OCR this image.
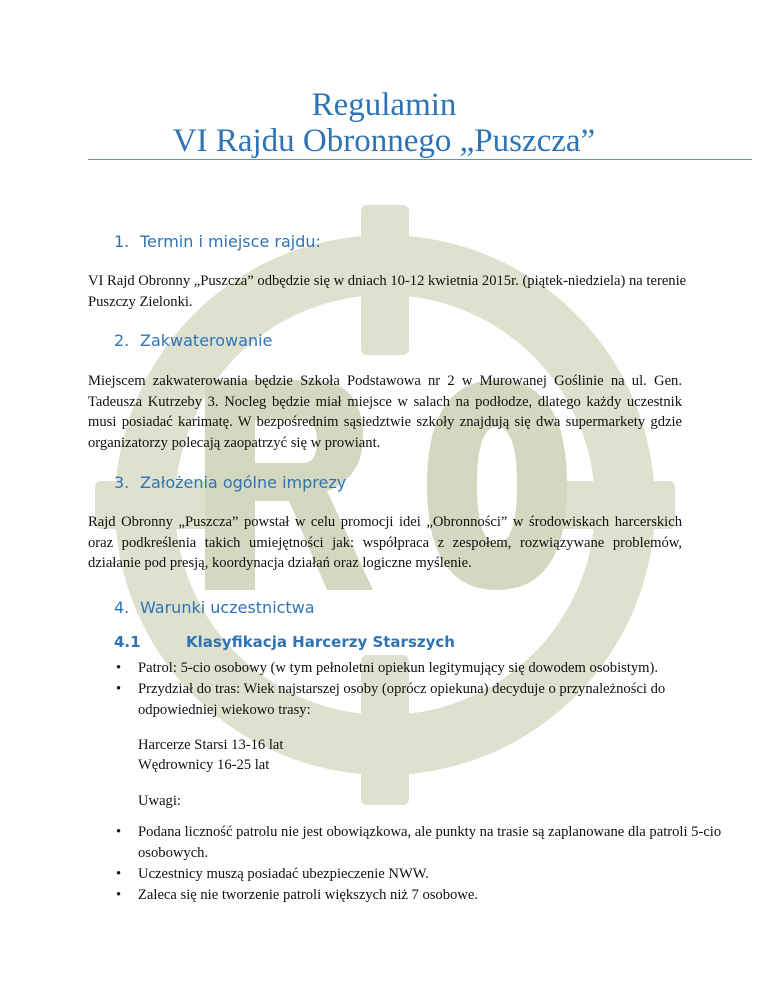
Regulamin
VI Rajdu Obronnego „Puszcza”
1. Termin i miejsce rajdu:
VI Rajd Obronny „Puszcza” odbędzie się w dniach 10-12 kwietnia 2015r. (piątek-niedziela) na terenie Puszczy Zielonki.
2. Zakwaterowanie
Miejscem zakwaterowania będzie Szkoła Podstawowa nr 2 w Murowanej Goślinie na ul. Gen. Tadeusza Kutrzeby 3. Nocleg będzie miał miejsce w salach na podłodze, dlatego każdy uczestnik musi posiadać karimatę. W bezpośrednim sąsiedztwie szkoły znajdują się dwa supermarkety gdzie organizatorzy polecają zaopatrzyć się w prowiant.
3. Założenia ogólne imprezy
Rajd Obronny „Puszcza” powstał w celu promocji idei „Obronności” w środowiskach harcerskich oraz podkreślenia takich umiejętności jak: współpraca z zespołem, rozwiązywane problemów, działanie pod presją, koordynacja działań oraz logiczne myślenie.
4. Warunki uczestnictwa
4.1	Klasyfikacja Harcerzy Starszych
• Patrol: 5-cio osobowy (w tym pełnoletni opiekun legitymujący się dowodem osobistym).
• Przydział do tras: Wiek najstarszej osoby (oprócz opiekuna) decyduje o przynależności do odpowiedniej wiekowo trasy:
Harcerze Starsi 13-16 lat
Wędrownicy 16-25 lat
Uwagi:
• Podana liczność patrolu nie jest obowiązkowa, ale punkty na trasie są zaplanowane dla patroli 5-cio osobowych.
• Uczestnicy muszą posiadać ubezpieczenie NWW.
• Zaleca się nie tworzenie patroli większych niż 7 osobowe.
